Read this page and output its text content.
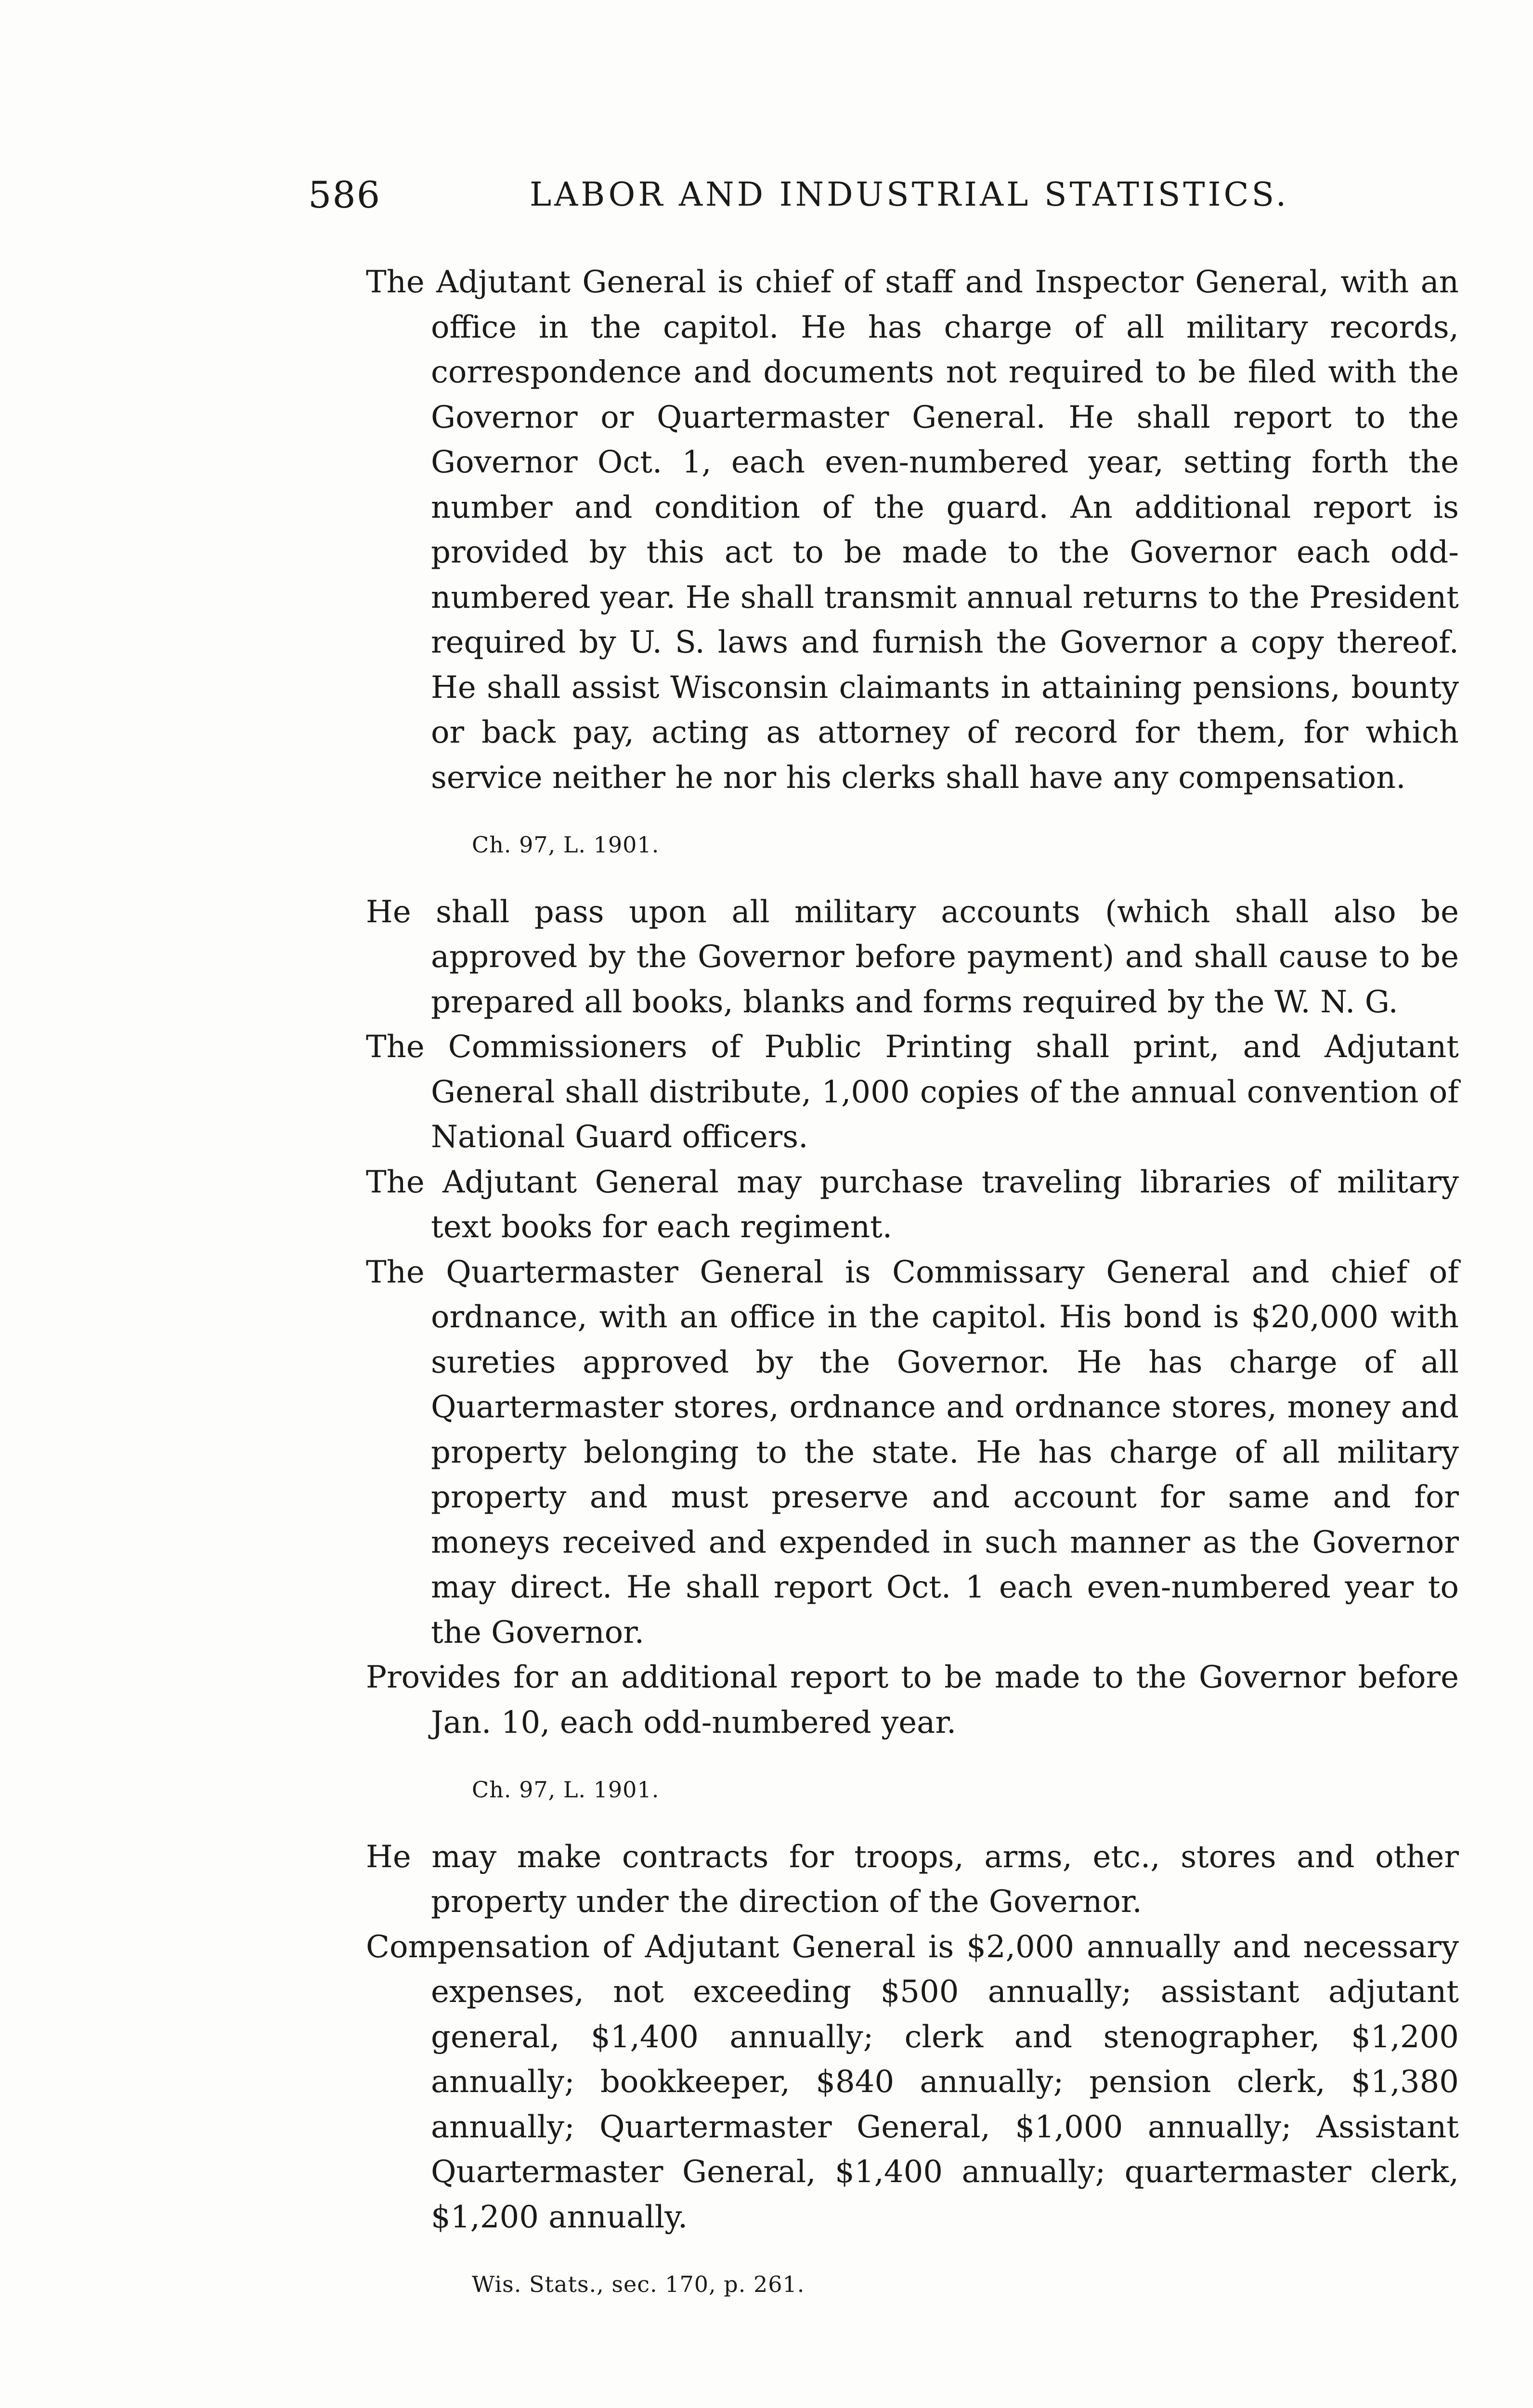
586	LABOR AND INDUSTRIAL STATISTICS.

The Adjutant General is chief of staff and Inspector General, with an office in the capitol. He has charge of all military records, correspondence and documents not required to be filed with the Governor or Quartermaster General. He shall report to the Governor Oct. 1, each even-numbered year, setting forth the number and condition of the guard. An additional report is provided by this act to be made to the Governor each odd-numbered year. He shall transmit annual returns to the President required by U. S. laws and furnish the Governor a copy thereof. He shall assist Wisconsin claimants in attaining pensions, bounty or back pay, acting as attorney of record for them, for which service neither he nor his clerks shall have any compensation.

Ch. 97, L. 1901.

He shall pass upon all military accounts (which shall also be approved by the Governor before payment) and shall cause to be prepared all books, blanks and forms required by the W. N. G.

The Commissioners of Public Printing shall print, and Adjutant General shall distribute, 1,000 copies of the annual convention of National Guard officers.

The Adjutant General may purchase traveling libraries of military text books for each regiment.

The Quartermaster General is Commissary General and chief of ordnance, with an office in the capitol. His bond is $20,000 with sureties approved by the Governor. He has charge of all Quartermaster stores, ordnance and ordnance stores, money and property belonging to the state. He has charge of all military property and must preserve and account for same and for moneys received and expended in such manner as the Governor may direct. He shall report Oct. 1 each even-numbered year to the Governor.

Provides for an additional report to be made to the Governor before Jan. 10, each odd-numbered year.

Ch. 97, L. 1901.

He may make contracts for troops, arms, etc., stores and other property under the direction of the Governor.

Compensation of Adjutant General is $2,000 annually and necessary expenses, not exceeding $500 annually; assistant adjutant general, $1,400 annually; clerk and stenographer, $1,200 annually; bookkeeper, $840 annually; pension clerk, $1,380 annually; Quartermaster General, $1,000 annually; Assistant Quartermaster General, $1,400 annually; quartermaster clerk, $1,200 annually.

Wis. Stats., sec. 170, p. 261.
